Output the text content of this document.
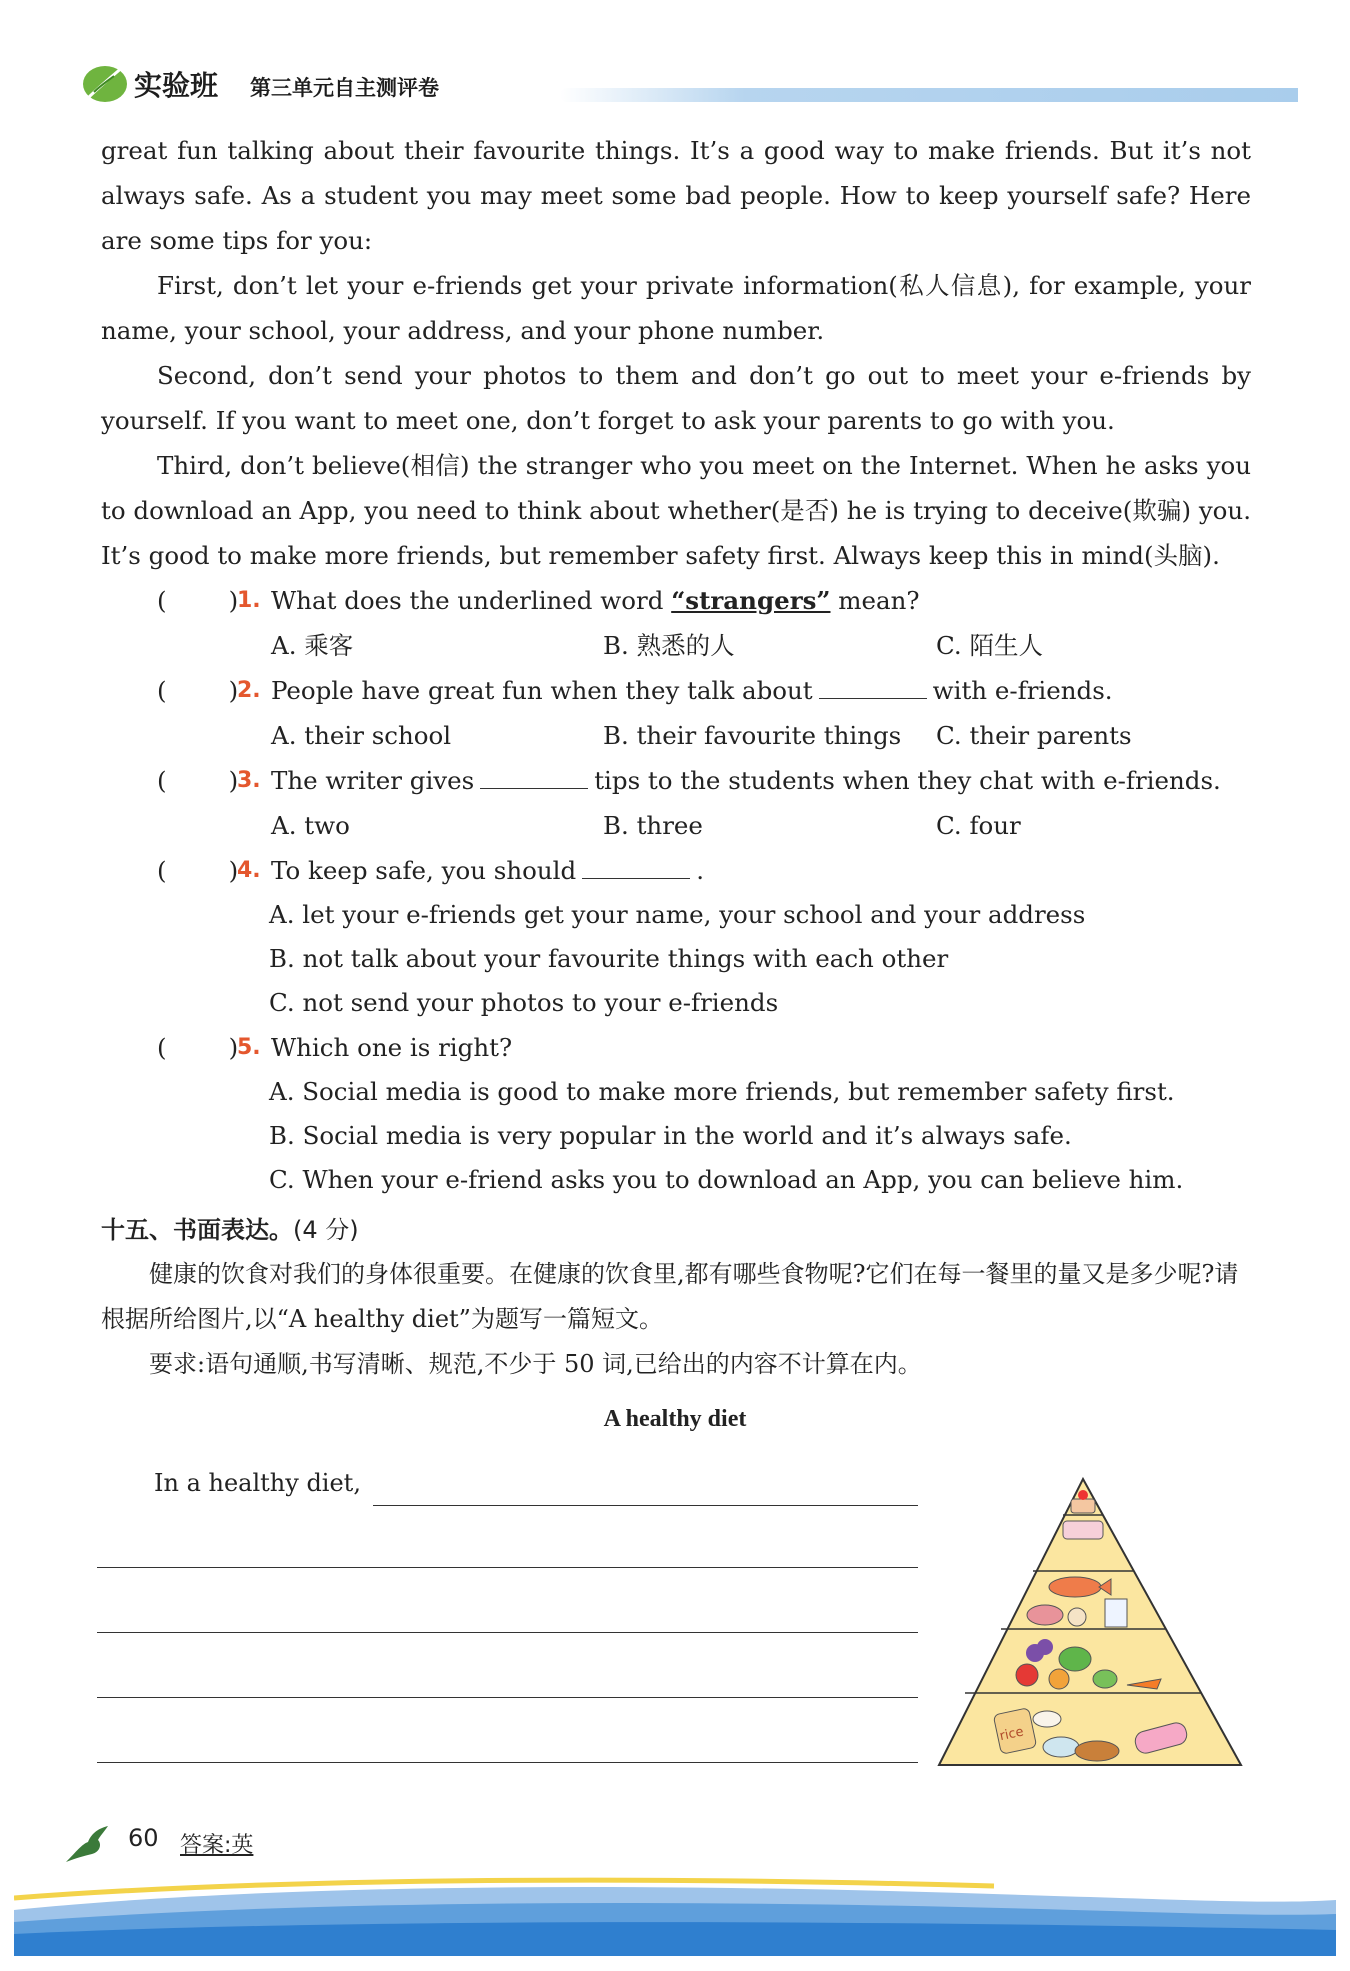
实验班 第三单元自主测评卷

great fun talking about their favourite things. It’s a good way to make friends. But it’s not always safe. As a student you may meet some bad people. How to keep yourself safe? Here are some tips for you:

First, don’t let your e-friends get your private information(私人信息), for example, your name, your school, your address, and your phone number.

Second, don’t send your photos to them and don’t go out to meet your e-friends by yourself. If you want to meet one, don’t forget to ask your parents to go with you.

Third, don’t believe(相信) the stranger who you meet on the Internet. When he asks you to download an App, you need to think about whether(是否) he is trying to deceive(欺骗) you. It’s good to make more friends, but remember safety first. Always keep this in mind(头脑).

(	)
1. What does the underlined word “strangers” mean?
A. 乘客	B. 熟悉的人	C. 陌生人
(	)
2. People have great fun when they talk about	with e-friends.
A. their school	B. their favourite things C. their parents
(	)
3. The writer gives	tips to the students when they chat with e-friends.
A. two	B. three	C. four
(	)
4. To keep safe, you should	.
A. let your e-friends get your name, your school and your address
B. not talk about your favourite things with each other
C. not send your photos to your e-friends
(	)
5. Which one is right?
A. Social media is good to make more friends, but remember safety first.
B. Social media is very popular in the world and it’s always safe.
C. When your e-friend asks you to download an App, you can believe him.
十五、书面表达。(4 分)

健康的饮食对我们的身体很重要。在健康的饮食里,都有哪些食物呢?它们在每一餐里的量又是多少呢?请根据所给图片,以“A healthy diet”为题写一篇短文。

要求:语句通顺,书写清晰、规范,不少于 50 词,已给出的内容不计算在内。

A healthy diet
In a healthy diet,
rice
60 答案:英
